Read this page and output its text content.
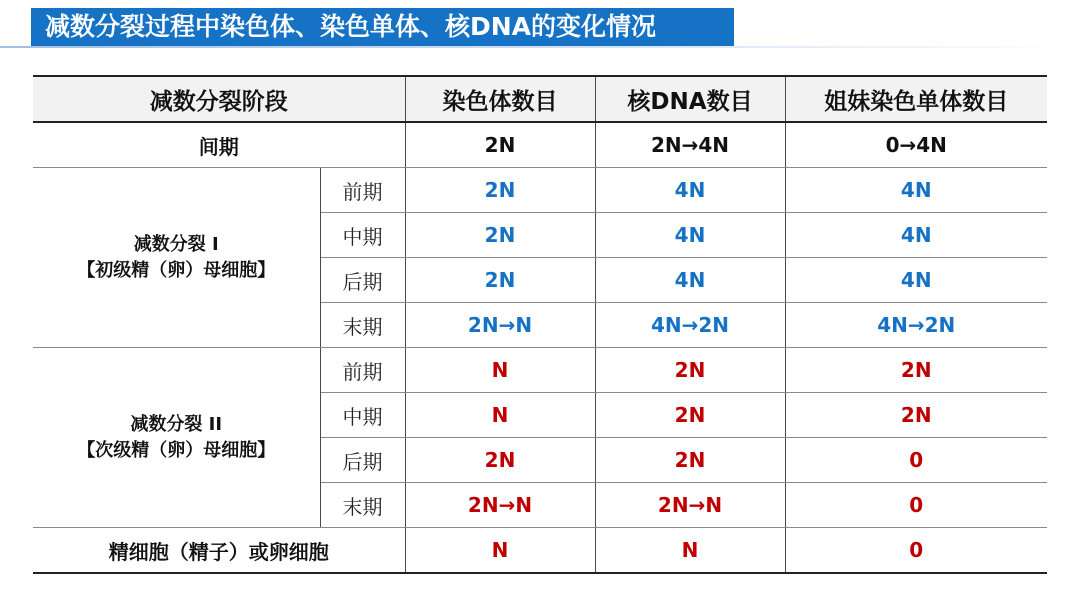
减数分裂过程中染色体、染色单体、核DNA的变化情况
减数分裂阶段		染色体数目	核DNA数目	姐妹染色单体数目
间期		2N	2N→4N	0→4N

减数分裂 I
【初级精（卵）母细胞】	前期	2N	4N	4N
	中期	2N	4N	4N
	后期	2N	4N	4N
	末期	2N→N	4N→2N	4N→2N

减数分裂 II
【次级精（卵）母细胞】	前期	N	2N	2N
	中期	N	2N	2N
	后期	2N	2N	0
	末期	2N→N	2N→N	0
精细胞（精子）或卵细胞		N	N	0
